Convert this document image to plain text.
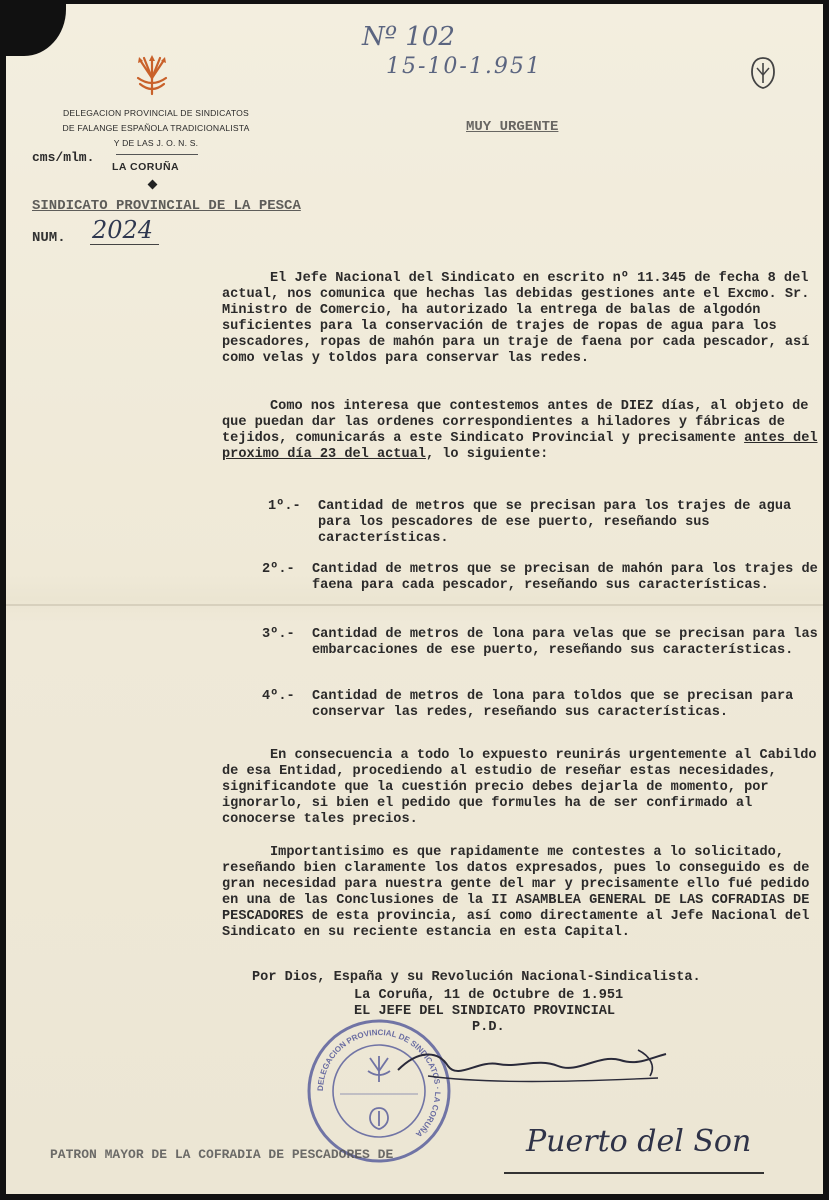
DELEGACION PROVINCIAL DE SINDICATOS
DE FALANGE ESPAÑOLA TRADICIONALISTA
Y DE LAS J. O. N. S.
cms/mlm.
LA CORUÑA
Nº 102
15-10-1.951
MUY URGENTE
SINDICATO PROVINCIAL DE LA PESCA
NUM. 2024
El Jefe Nacional del Sindicato en escrito nº 11.345 de fecha 8 del actual, nos comunica que hechas las debidas gestiones ante el Excmo. Sr. Ministro de Comercio, ha autorizado la entrega de balas de algodón suficientes para la conservación de trajes de ropas de agua para los pescadores, ropas de mahón para un traje de faena por cada pescador, así como velas y toldos para conservar las redes.
Como nos interesa que contestemos antes de DIEZ días, al objeto de que puedan dar las ordenes correspondientes a hiladores y fábricas de tejidos, comunicarás a este Sindicato Provincial y precisamente antes del proximo día 23 del actual, lo siguiente:
1º.- Cantidad de metros que se precisan para los trajes de agua para los pescadores de ese puerto, reseñando sus características.
2º.- Cantidad de metros que se precisan de mahón para los trajes de faena para cada pescador, reseñando sus características.
3º.- Cantidad de metros de lona para velas que se precisan para las embarcaciones de ese puerto, reseñando sus características.
4º.- Cantidad de metros de lona para toldos que se precisan para conservar las redes, reseñando sus características.
En consecuencia a todo lo expuesto reunirás urgentemente al Cabildo de esa Entidad, procediendo al estudio de reseñar estas necesidades, significandote que la cuestión precio debes dejarla de momento, por ignorarlo, si bien el pedido que formules ha de ser confirmado al conocerse tales precios.
Importantisimo es que rapidamente me contestes a lo solicitado, reseñando bien claramente los datos expresados, pues lo conseguido es de gran necesidad para nuestra gente del mar y precisamente ello fué pedido en una de las Conclusiones de la II ASAMBLEA GENERAL DE LAS COFRADIAS DE PESCADORES de esta provincia, así como directamente al Jefe Nacional del Sindicato en su reciente estancia en esta Capital.
Por Dios, España y su Revolución Nacional-Sindicalista.
La Coruña, 11 de Octubre de 1.951
EL JEFE DEL SINDICATO PROVINCIAL
P.D.
DELEGACION PROVINCIAL DE SINDICATOS · LA CORUÑA
PATRON MAYOR DE LA COFRADIA DE PESCADORES DE	Puerto del Son
